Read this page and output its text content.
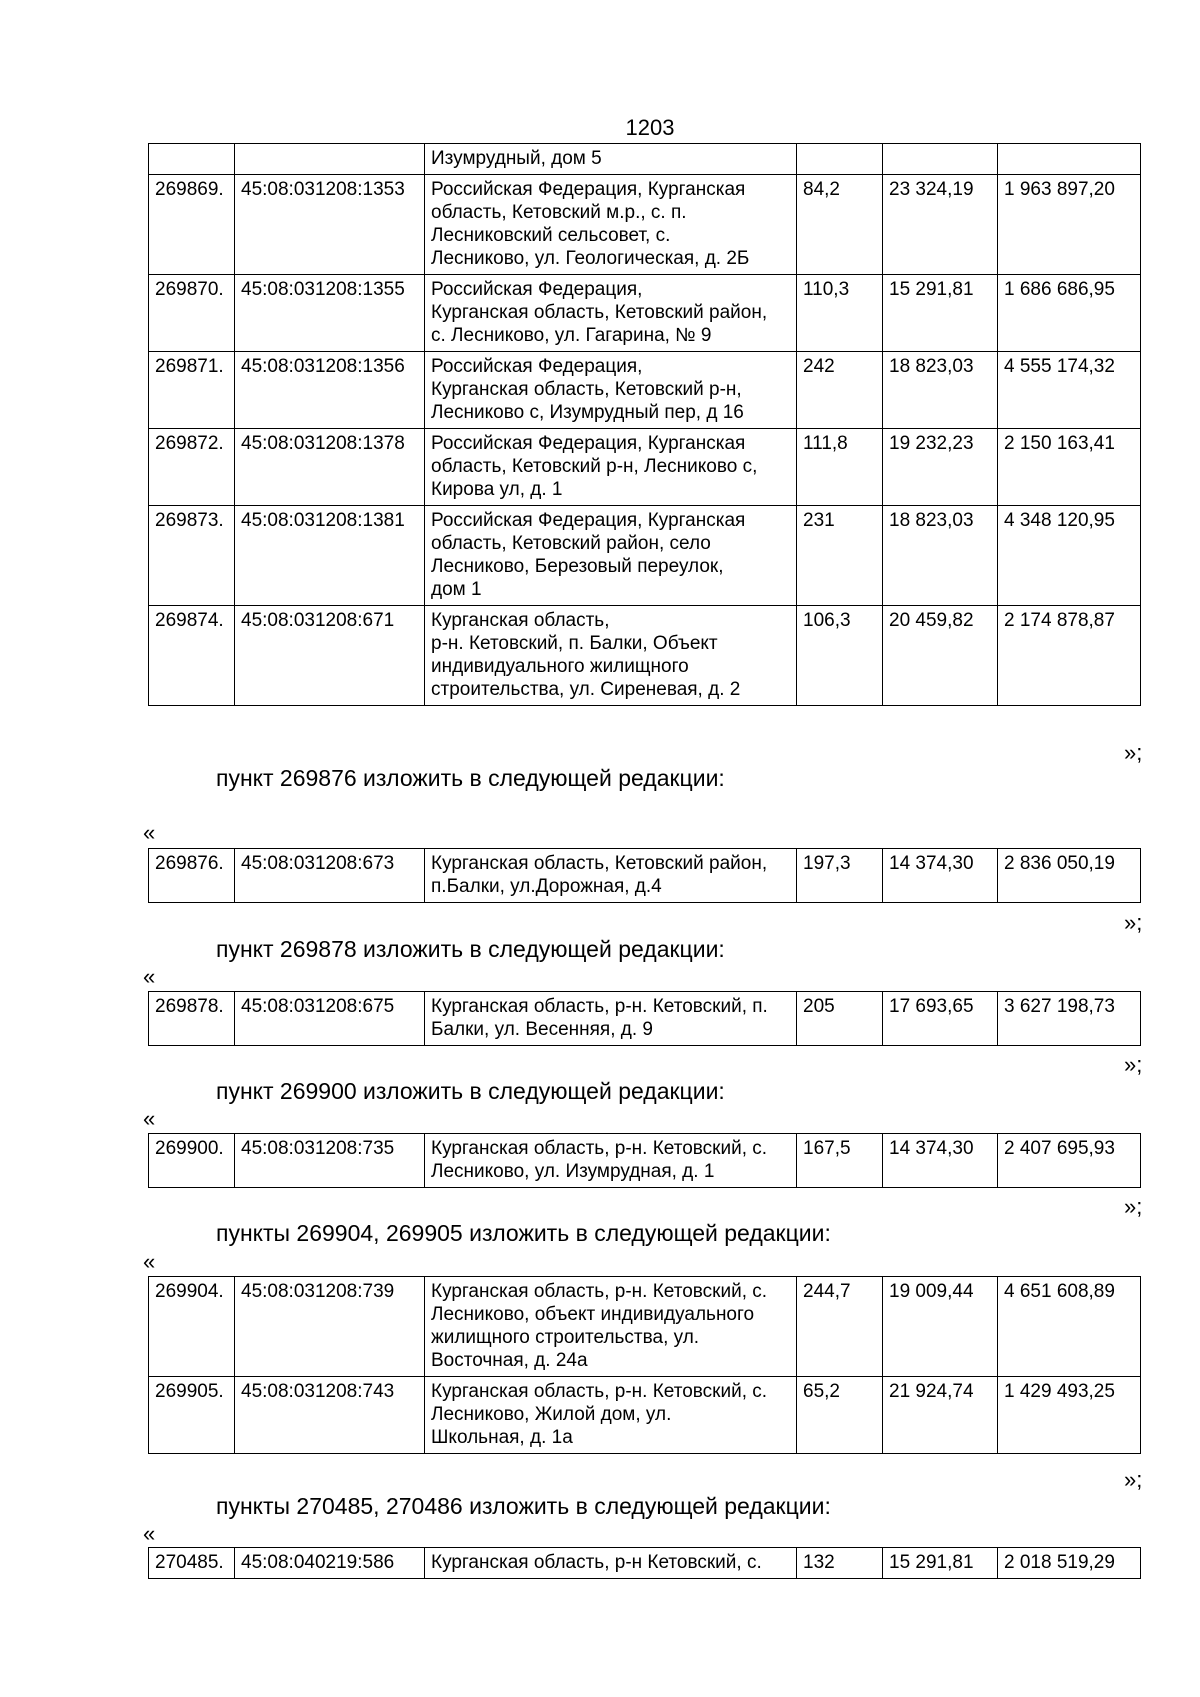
1203
		Изумрудный, дом 5			
269869.	45:08:031208:1353	Российская Федерация, Курганская
область, Кетовский м.р., с. п.
Лесниковский сельсовет, с.
Лесниково, ул. Геологическая, д. 2Б	84,2	23 324,19	1 963 897,20
269870.	45:08:031208:1355	Российская Федерация,
Курганская область, Кетовский район,
с. Лесниково, ул. Гагарина, № 9	110,3	15 291,81	1 686 686,95
269871.	45:08:031208:1356	Российская Федерация,
Курганская область, Кетовский р-н,
Лесниково с, Изумрудный пер, д 16	242	18 823,03	4 555 174,32
269872.	45:08:031208:1378	Российская Федерация, Курганская
область, Кетовский р-н, Лесниково с,
Кирова ул, д. 1	111,8	19 232,23	2 150 163,41
269873.	45:08:031208:1381	Российская Федерация, Курганская
область, Кетовский район, село
Лесниково, Березовый переулок,
дом 1	231	18 823,03	4 348 120,95
269874.	45:08:031208:671	Курганская область,
р-н. Кетовский, п. Балки, Объект
индивидуального жилищного
строительства, ул. Сиреневая, д. 2	106,3	20 459,82	2 174 878,87
»;
пункт 269876 изложить в следующей редакции:
«
269876.	45:08:031208:673	Курганская область, Кетовский район,
п.Балки, ул.Дорожная, д.4	197,3	14 374,30	2 836 050,19
»;
пункт 269878 изложить в следующей редакции:
«
269878.	45:08:031208:675	Курганская область, р-н. Кетовский, п.
Балки, ул. Весенняя, д. 9	205	17 693,65	3 627 198,73
»;
пункт 269900 изложить в следующей редакции:
«
269900.	45:08:031208:735	Курганская область, р-н. Кетовский, с.
Лесниково, ул. Изумрудная, д. 1	167,5	14 374,30	2 407 695,93
»;
пункты 269904, 269905 изложить в следующей редакции:
«
269904.	45:08:031208:739	Курганская область, р-н. Кетовский, с.
Лесниково, объект индивидуального
жилищного строительства, ул.
Восточная, д. 24а	244,7	19 009,44	4 651 608,89
269905.	45:08:031208:743	Курганская область, р-н. Кетовский, с.
Лесниково, Жилой дом, ул.
Школьная, д. 1а	65,2	21 924,74	1 429 493,25
»;
пункты 270485, 270486 изложить в следующей редакции:
«
270485.	45:08:040219:586	Курганская область, р-н Кетовский, с.	132	15 291,81	2 018 519,29
